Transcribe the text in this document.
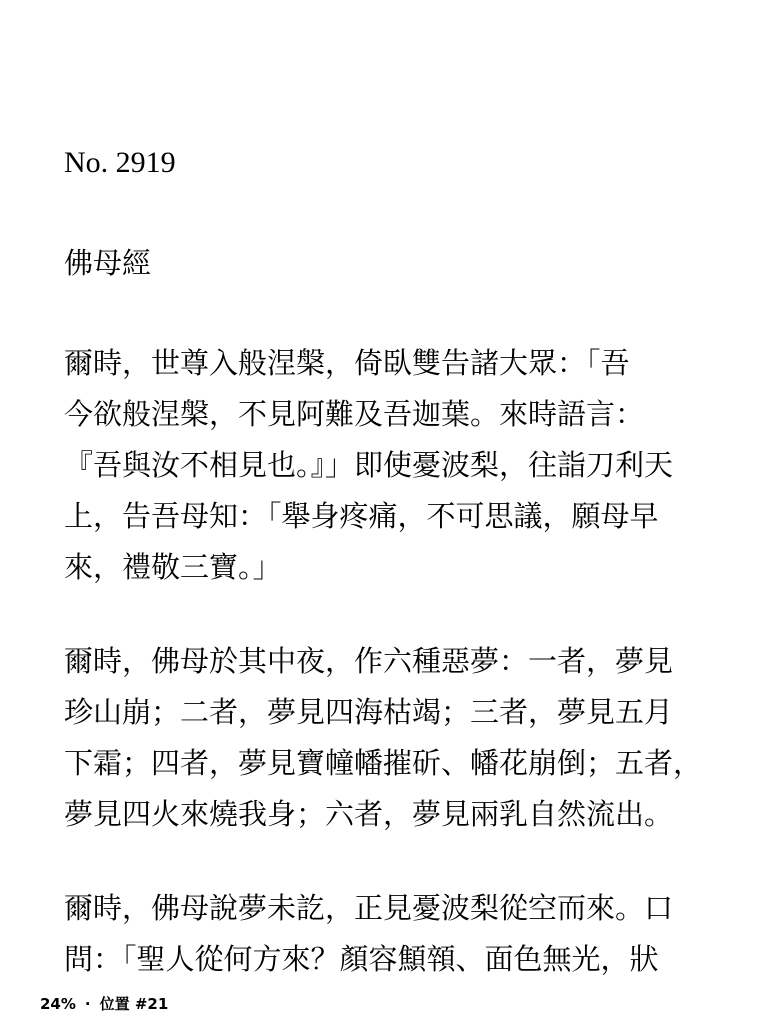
No. 2919
佛母經
爾時，世尊入般涅槃，倚臥雙告諸大眾：「吾
今欲般涅槃，不見阿難及吾迦葉。來時語言：
『吾與汝不相見也。』」即使憂波梨，往詣刀利天
上，告吾母知：「舉身疼痛，不可思議，願母早
來，禮敬三寶。」
爾時，佛母於其中夜，作六種惡夢：一者，夢見
珍山崩；二者，夢見四海枯竭；三者，夢見五月
下霜；四者，夢見寶幢幡摧斫、幡花崩倒；五者，
夢見四火來燒我身；六者，夢見兩乳自然流出。
爾時，佛母說夢未訖，正見憂波梨從空而來。口
問：「聖人從何方來？顏容顦顇、面色無光，狀
24% · 位置 #21
